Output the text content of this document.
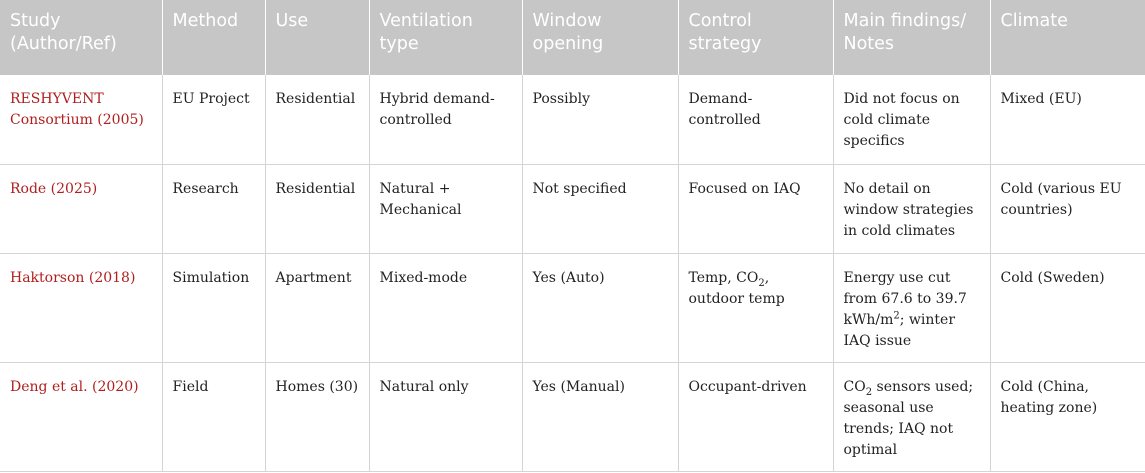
Study (Author/Ref)	Method	Use	Ventilation type	Window opening	Control strategy	Main findings/ Notes	Climate
RESHYVENT Consortium (2005)	EU Project	Residential	Hybrid demand-controlled	Possibly	Demand-controlled	Did not focus on cold climate specifics	Mixed (EU)
Rode (2025)	Research	Residential	Natural + Mechanical	Not specified	Focused on IAQ	No detail on window strategies in cold climates	Cold (various EU countries)
Haktorson (2018)	Simulation	Apartment	Mixed-mode	Yes (Auto)	Temp, $CO_2$, outdoor temp	Energy use cut from 67.6 to 39.7 kWh/$m^2$; winter IAQ issue	Cold (Sweden)
Deng et al. (2020)	Field	Homes (30)	Natural only	Yes (Manual)	Occupant-driven	$CO_2$ sensors used; seasonal use trends; IAQ not optimal	Cold (China, heating zone)
